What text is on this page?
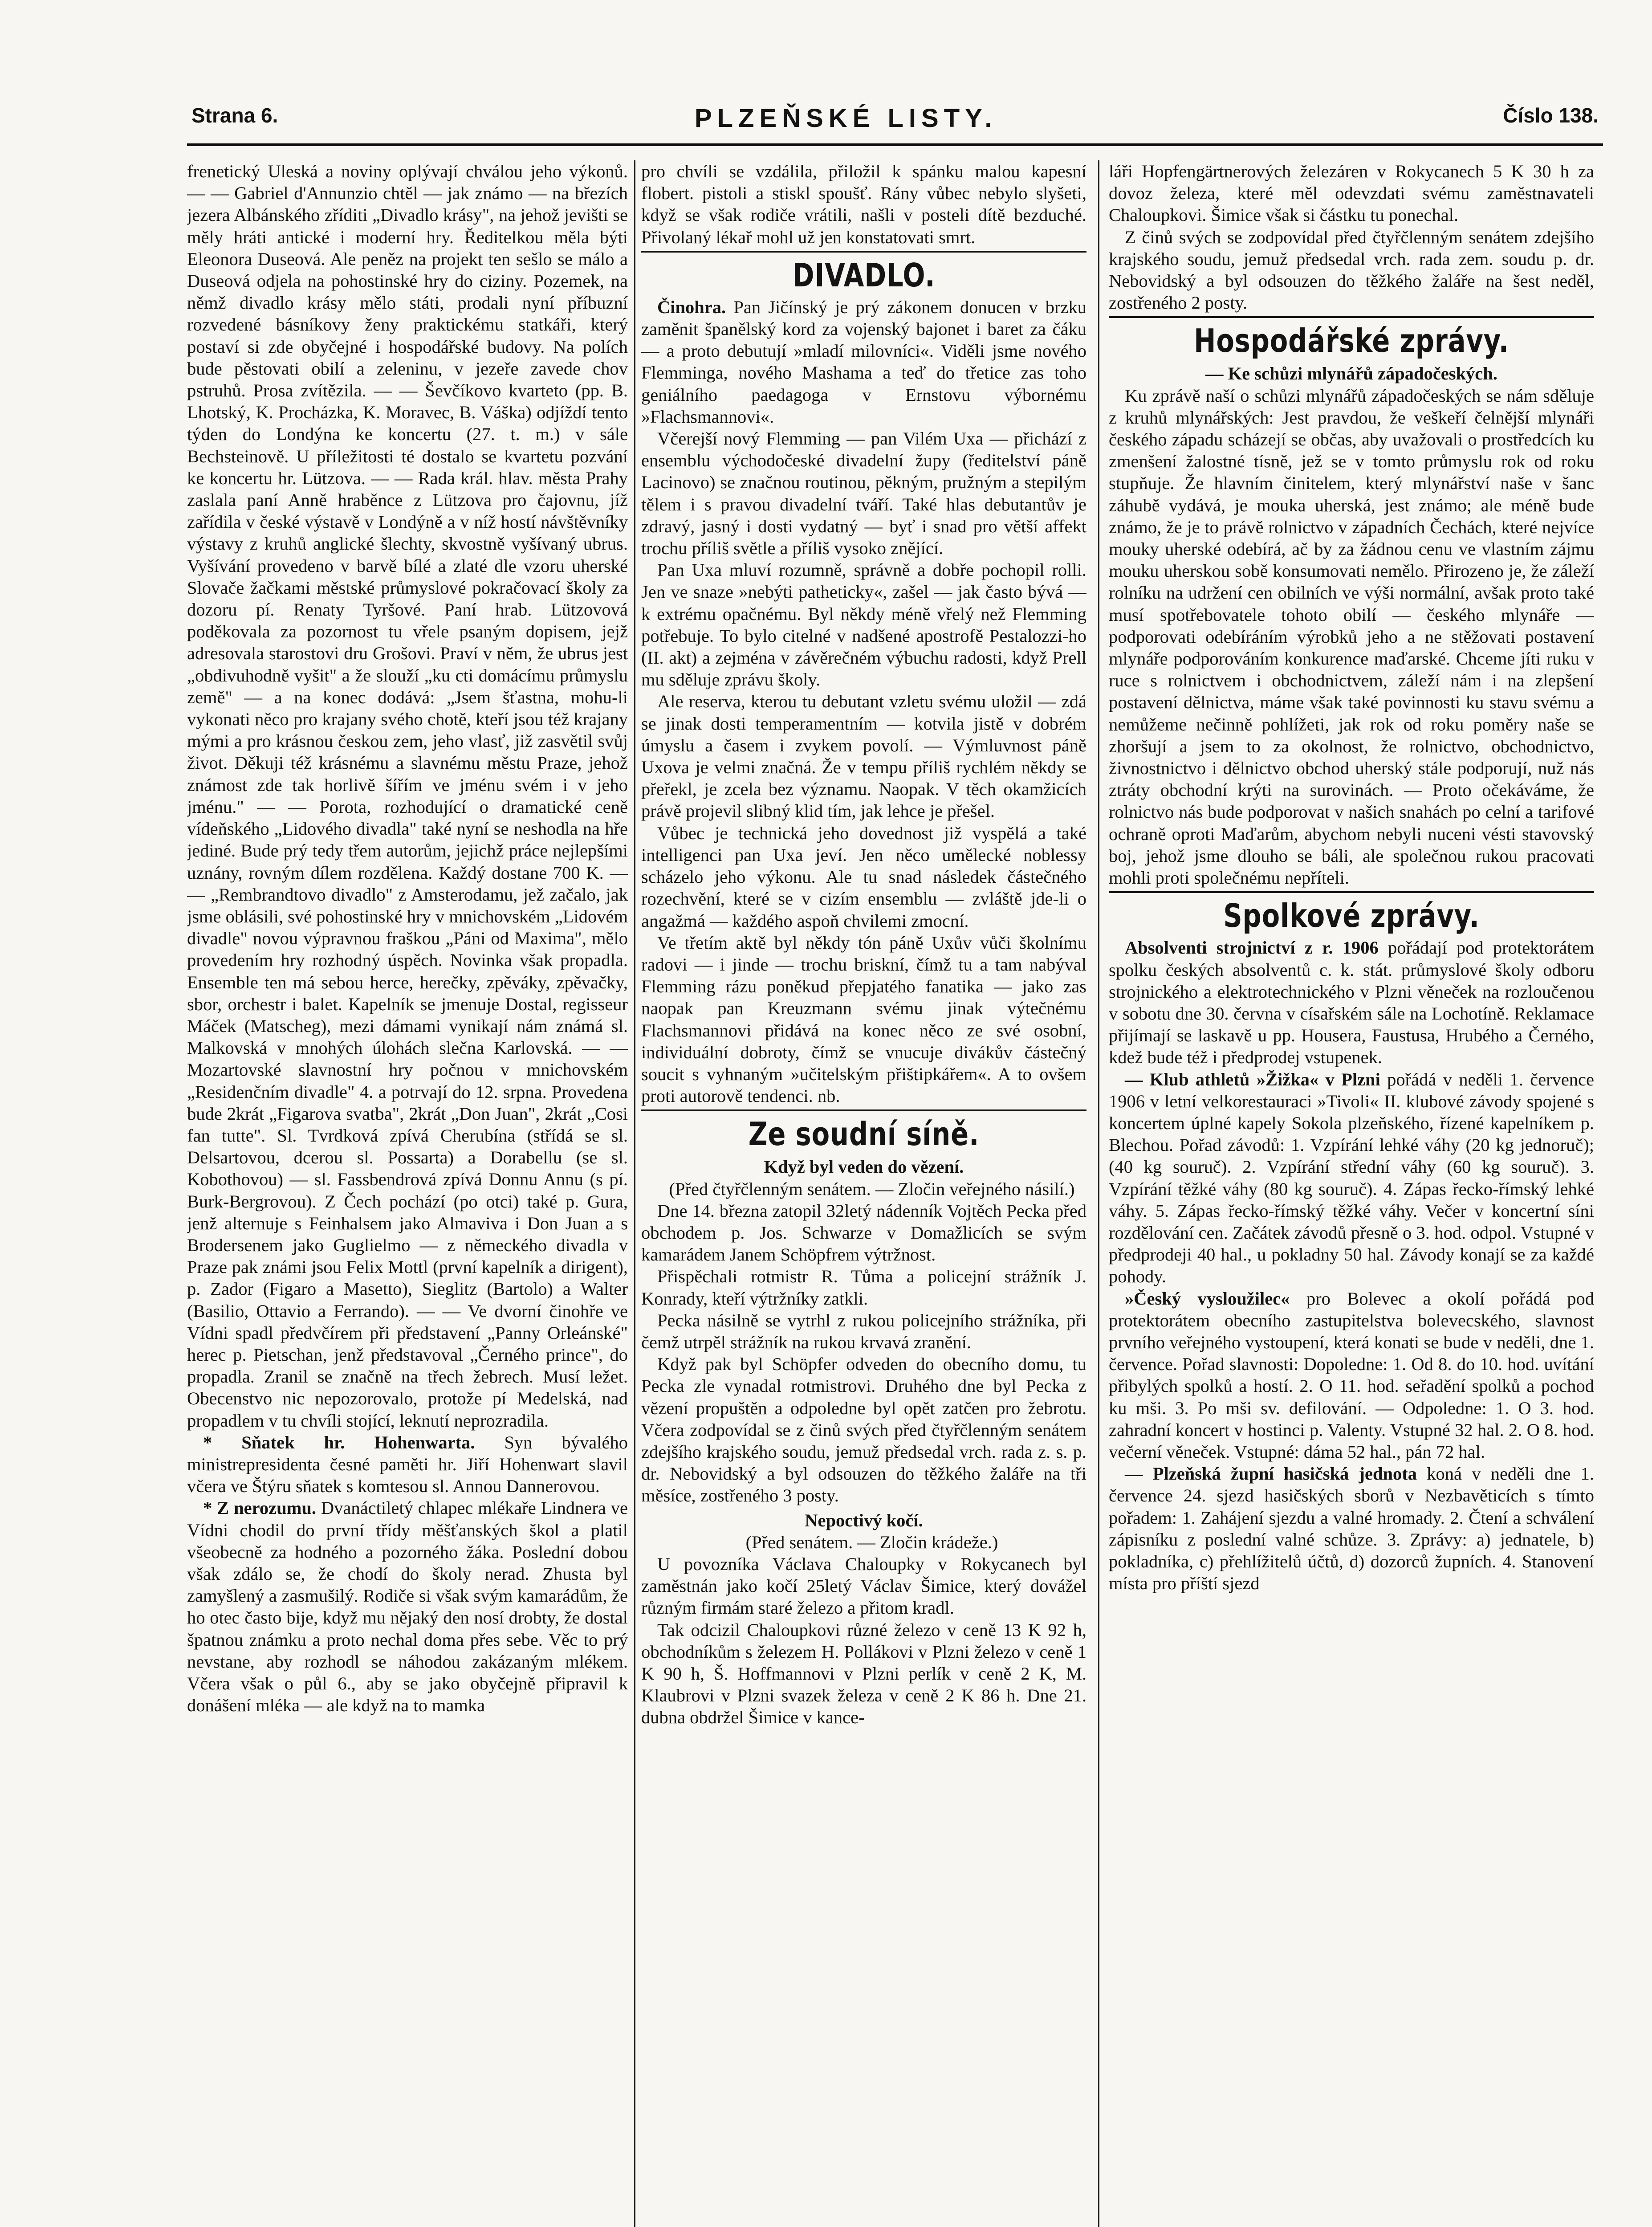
Strana 6.	PLZEŇSKÉ LISTY.	Číslo 138.

frenetický Uleská a noviny oplývají chválou jeho výkonů. — — Gabriel d'Annunzio chtěl — jak známo — na březích jezera Albánského zříditi „Divadlo krásy", na jehož jevišti se měly hráti antické i moderní hry. Ředitelkou měla býti Eleonora Duseová. Ale peněz na projekt ten sešlo se málo a Duseová odjela na pohostinské hry do ciziny. Pozemek, na němž divadlo krásy mělo státi, prodali nyní příbuzní rozvedené básníkovy ženy praktickému statkáři, který postaví si zde obyčejné i hospodářské budovy. Na polích bude pěstovati obilí a zeleninu, v jezeře zavede chov pstruhů. Prosa zvítězila. — — Ševčíkovo kvarteto (pp. B. Lhotský, K. Procházka, K. Moravec, B. Váška) odjíždí tento týden do Londýna ke koncertu (27. t. m.) v sále Bechsteinově. U příležitosti té dostalo se kvartetu pozvání ke koncertu hr. Lützova. — — Rada král. hlav. města Prahy zaslala paní Anně hraběnce z Lützova pro čajovnu, jíž zařídila v české výstavě v Londýně a v níž hostí návštěvníky výstavy z kruhů anglické šlechty, skvostně vyšívaný ubrus. Vyšívání provedeno v barvě bílé a zlaté dle vzoru uherské Slovače žačkami městské průmyslové pokračovací školy za dozoru pí. Renaty Tyršové. Paní hrab. Lützovová poděkovala za pozornost tu vřele psaným dopisem, jejž adresovala starostovi dru Grošovi. Praví v něm, že ubrus jest „obdivuhodně vyšit" a že slouží „ku cti domácímu průmyslu země" — a na konec dodává: „Jsem šťastna, mohu-li vykonati něco pro krajany svého chotě, kteří jsou též krajany mými a pro krásnou českou zem, jeho vlasť, již zasvětil svůj život. Děkuji též krásnému a slavnému městu Praze, jehož známost zde tak horlivě šířím ve jménu svém i v jeho jménu." — — Porota, rozhodující o dramatické ceně vídeňského „Lidového divadla" také nyní se neshodla na hře jediné. Bude prý tedy třem autorům, jejichž práce nejlepšími uznány, rovným dílem rozdělena. Každý dostane 700 K. — — „Rembrandtovo divadlo" z Amsterodamu, jež začalo, jak jsme oblásili, své pohostinské hry v mnichovském „Lidovém divadle" novou výpravnou fraškou „Páni od Maxima", mělo provedením hry rozhodný úspěch. Novinka však propadla. Ensemble ten má sebou herce, herečky, zpěváky, zpěvačky, sbor, orchestr i balet. Kapelník se jmenuje Dostal, regisseur Máček (Matscheg), mezi dámami vynikají nám známá sl. Malkovská v mnohých úlohách slečna Karlovská. — — Mozartovské slavnostní hry počnou v mnichovském „Residenčním divadle" 4. a potrvají do 12. srpna. Provedena bude 2krát „Figarova svatba", 2krát „Don Juan", 2krát „Cosi fan tutte". Sl. Tvrdková zpívá Cherubína (střídá se sl. Delsartovou, dcerou sl. Possarta) a Dorabellu (se sl. Kobothovou) — sl. Fassbendrová zpívá Donnu Annu (s pí. Burk-Bergrovou). Z Čech pochází (po otci) také p. Gura, jenž alternuje s Feinhalsem jako Almaviva i Don Juan a s Brodersenem jako Guglielmo — z německého divadla v Praze pak známi jsou Felix Mottl (první kapelník a dirigent), p. Zador (Figaro a Masetto), Sieglitz (Bartolo) a Walter (Basilio, Ottavio a Ferrando). — — Ve dvorní činohře ve Vídni spadl předvčírem při představení „Panny Orleánské" herec p. Pietschan, jenž představoval „Černého prince", do propadla. Zranil se značně na třech žebrech. Musí ležet. Obecenstvo nic nepozorovalo, protože pí Medelská, nad propadlem v tu chvíli stojící, leknutí neprozradila.

* Sňatek hr. Hohenwarta. Syn bývalého ministrepresidenta česné paměti hr. Jiří Hohenwart slavil včera ve Štýru sňatek s komtesou sl. Annou Dannerovou.

* Z nerozumu. Dvanáctiletý chlapec mlékaře Lindnera ve Vídni chodil do první třídy měšťanských škol a platil všeobecně za hodného a pozorného žáka. Poslední dobou však zdálo se, že chodí do školy nerad. Zhusta byl zamyšlený a zasmušilý. Rodiče si však svým kamarádům, že ho otec často bije, když mu nějaký den nosí drobty, že dostal špatnou známku a proto nechal doma přes sebe. Věc to prý nevstane, aby rozhodl se náhodou zakázaným mlékem. Včera však o půl 6., aby se jako obyčejně připravil k donášení mléka — ale když na to mamka

pro chvíli se vzdálila, přiložil k spánku malou kapesní flobert. pistoli a stiskl spoušť. Rány vůbec nebylo slyšeti, když se však rodiče vrátili, našli v posteli dítě bezduché. Přivolaný lékař mohl už jen konstatovati smrt.

DIVADLO.

Činohra. Pan Jičínský je prý zákonem donucen v brzku zaměnit španělský kord za vojenský bajonet i baret za čáku — a proto debutují »mladí milovníci«. Viděli jsme nového Flemminga, nového Mashama a teď do třetice zas toho geniálního paedagoga v Ernstovu výbornému »Flachsmannovi«.

Včerejší nový Flemming — pan Vilém Uxa — přichází z ensemblu východočeské divadelní župy (ředitelství páně Lacinovo) se značnou routinou, pěkným, pružným a stepilým tělem i s pravou divadelní tváří. Také hlas debutantův je zdravý, jasný i dosti vydatný — byť i snad pro větší affekt trochu příliš světle a příliš vysoko znějící.

Pan Uxa mluví rozumně, správně a dobře pochopil rolli. Jen ve snaze »nebýti patheticky«, zašel — jak často bývá — k extrému opačnému. Byl někdy méně vřelý než Flemming potřebuje. To bylo citelné v nadšené apostrofě Pestalozzi-ho (II. akt) a zejména v závěrečném výbuchu radosti, když Prell mu sděluje zprávu školy.

Ale reserva, kterou tu debutant vzletu svému uložil — zdá se jinak dosti temperamentním — kotvila jistě v dobrém úmyslu a časem i zvykem povolí. — Výmluvnost páně Uxova je velmi značná. Že v tempu příliš rychlém někdy se přeřekl, je zcela bez významu. Naopak. V těch okamžicích právě projevil slibný klid tím, jak lehce je přešel.

Vůbec je technická jeho dovednost již vyspělá a také intelligenci pan Uxa jeví. Jen něco umělecké noblessy scházelo jeho výkonu. Ale tu snad následek částečného rozechvění, které se v cizím ensemblu — zvláště jde-li o angažmá — každého aspoň chvilemi zmocní.

Ve třetím aktě byl někdy tón páně Uxův vůči školnímu radovi — i jinde — trochu briskní, čímž tu a tam nabýval Flemming rázu poněkud přepjatého fanatika — jako zas naopak pan Kreuzmann svému jinak výtečnému Flachsmannovi přidává na konec něco ze své osobní, individuální dobroty, čímž se vnucuje divákův částečný soucit s vyhnaným »učitelským přištipkářem«. A to ovšem proti autorově tendenci. nb.

Ze soudní síně.
Když byl veden do vězení.

(Před čtyřčlenným senátem. — Zločin veřejného násilí.)

Dne 14. března zatopil 32letý nádenník Vojtěch Pecka před obchodem p. Jos. Schwarze v Domažlicích se svým kamarádem Janem Schöpfrem výtržnost.

Přispěchali rotmistr R. Tůma a policejní strážník J. Konrady, kteří výtržníky zatkli.

Pecka násilně se vytrhl z rukou policejního strážníka, při čemž utrpěl strážník na rukou krvavá zranění.

Když pak byl Schöpfer odveden do obecního domu, tu Pecka zle vynadal rotmistrovi. Druhého dne byl Pecka z vězení propuštěn a odpoledne byl opět zatčen pro žebrotu. Včera zodpovídal se z činů svých před čtyřčlenným senátem zdejšího krajského soudu, jemuž předsedal vrch. rada z. s. p. dr. Nebovidský a byl odsouzen do těžkého žaláře na tři měsíce, zostřeného 3 posty.

Nepoctivý kočí.

(Před senátem. — Zločin krádeže.)

U povozníka Václava Chaloupky v Rokycanech byl zaměstnán jako kočí 25letý Václav Šimice, který dovážel různým firmám staré železo a přitom kradl.

Tak odcizil Chaloupkovi různé železo v ceně 13 K 92 h, obchodníkům s železem H. Pollákovi v Plzni železo v ceně 1 K 90 h, Š. Hoffmannovi v Plzni perlík v ceně 2 K, M. Klaubrovi v Plzni svazek železa v ceně 2 K 86 h. Dne 21. dubna obdržel Šimice v kance-

láři Hopfengärtnerových železáren v Rokycanech 5 K 30 h za dovoz železa, které měl odevzdati svému zaměstnavateli Chaloupkovi. Šimice však si částku tu ponechal.

Z činů svých se zodpovídal před čtyřčlenným senátem zdejšího krajského soudu, jemuž předsedal vrch. rada zem. soudu p. dr. Nebovidský a byl odsouzen do těžkého žaláře na šest neděl, zostřeného 2 posty.

Hospodářské zprávy.
— Ke schůzi mlynářů západočeských.

Ku zprávě naší o schůzi mlynářů západočeských se nám sděluje z kruhů mlynářských: Jest pravdou, že veškeří čelnější mlynáři českého západu scházejí se občas, aby uvažovali o prostředcích ku zmenšení žalostné tísně, jež se v tomto průmyslu rok od roku stupňuje. Že hlavním činitelem, který mlynářství naše v šanc záhubě vydává, je mouka uherská, jest známo; ale méně bude známo, že je to právě rolnictvo v západních Čechách, které nejvíce mouky uherské odebírá, ač by za žádnou cenu ve vlastním zájmu mouku uherskou sobě konsumovati nemělo. Přirozeno je, že záleží rolníku na udržení cen obilních ve výši normální, avšak proto také musí spotřebovatele tohoto obilí — českého mlynáře — podporovati odebíráním výrobků jeho a ne stěžovati postavení mlynáře podporováním konkurence maďarské. Chceme jíti ruku v ruce s rolnictvem i obchodnictvem, záleží nám i na zlepšení postavení dělnictva, máme však také povinnosti ku stavu svému a nemůžeme nečinně pohlížeti, jak rok od roku poměry naše se zhoršují a jsem to za okolnost, že rolnictvo, obchodnictvo, živnostnictvo i dělnictvo obchod uherský stále podporují, nuž nás ztráty obchodní krýti na surovinách. — Proto očekáváme, že rolnictvo nás bude podporovat v našich snahách po celní a tarifové ochraně oproti Maďarům, abychom nebyli nuceni vésti stavovský boj, jehož jsme dlouho se báli, ale společnou rukou pracovati mohli proti společnému nepříteli.

Spolkové zprávy.

Absolventi strojnictví z r. 1906 pořádají pod protektorátem spolku českých absolventů c. k. stát. průmyslové školy odboru strojnického a elektrotechnického v Plzni věneček na rozloučenou v sobotu dne 30. června v císařském sále na Lochotíně. Reklamace přijímají se laskavě u pp. Housera, Faustusa, Hrubého a Černého, kdež bude též i předprodej vstupenek.

— Klub athletů »Žižka« v Plzni pořádá v neděli 1. července 1906 v letní velkorestauraci »Tivoli« II. klubové závody spojené s koncertem úplné kapely Sokola plzeňského, řízené kapelníkem p. Blechou. Pořad závodů: 1. Vzpírání lehké váhy (20 kg jednoruč); (40 kg souruč). 2. Vzpírání střední váhy (60 kg souruč). 3. Vzpírání těžké váhy (80 kg souruč). 4. Zápas řecko-římský lehké váhy. 5. Zápas řecko-římský těžké váhy. Večer v koncertní síni rozdělování cen. Začátek závodů přesně o 3. hod. odpol. Vstupné v předprodeji 40 hal., u pokladny 50 hal. Závody konají se za každé pohody.

»Český vysloužilec« pro Bolevec a okolí pořádá pod protektorátem obecního zastupitelstva bolevecského, slavnost prvního veřejného vystoupení, která konati se bude v neděli, dne 1. července. Pořad slavnosti: Dopoledne: 1. Od 8. do 10. hod. uvítání přibylých spolků a hostí. 2. O 11. hod. seřadění spolků a pochod ku mši. 3. Po mši sv. defilování. — Odpoledne: 1. O 3. hod. zahradní koncert v hostinci p. Valenty. Vstupné 32 hal. 2. O 8. hod. večerní věneček. Vstupné: dáma 52 hal., pán 72 hal.

— Plzeňská župní hasičská jednota koná v neděli dne 1. července 24. sjezd hasičských sborů v Nezbavěticích s tímto pořadem: 1. Zahájení sjezdu a valné hromady. 2. Čtení a schválení zápisníku z poslední valné schůze. 3. Zprávy: a) jednatele, b) pokladníka, c) přehlížitelů účtů, d) dozorců župních. 4. Stanovení místa pro příští sjezd
